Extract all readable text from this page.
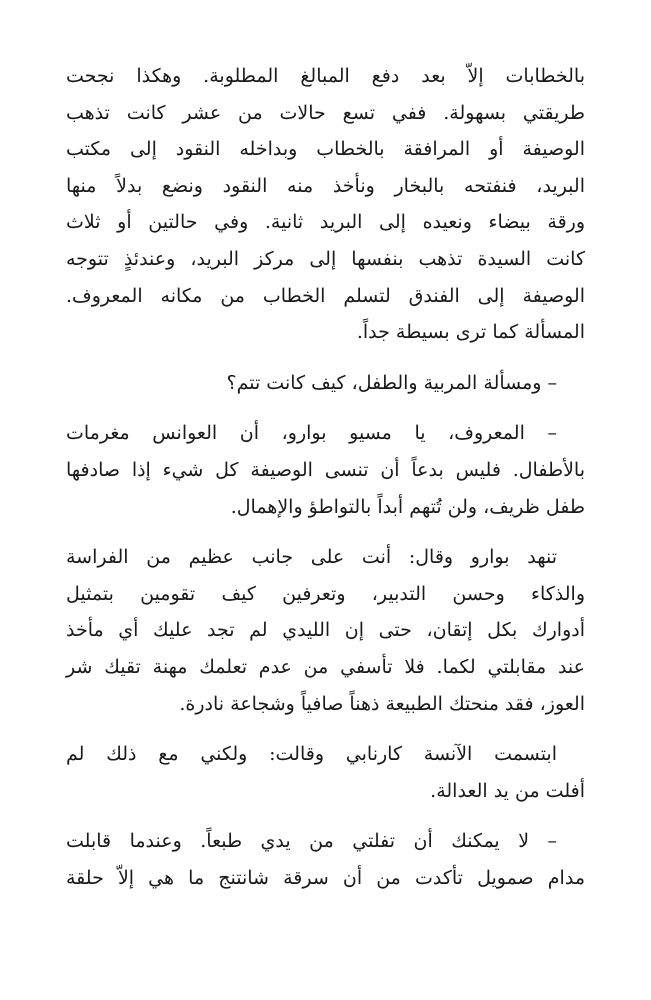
بالخطابات إلاّ بعد دفع المبالغ المطلوبة. وهكذا نجحت
طريقتي بسهولة. ففي تسع حالات من عشر كانت تذهب
الوصيفة أو المرافقة بالخطاب وبداخله النقود إلى مكتب
البريد، فنفتحه بالبخار ونأخذ منه النقود ونضع بدلاً منها
ورقة بيضاء ونعيده إلى البريد ثانية. وفي حالتين أو ثلاث
كانت السيدة تذهب بنفسها إلى مركز البريد، وعندئذٍ تتوجه
الوصيفة إلى الفندق لتسلم الخطاب من مكانه المعروف.
المسألة كما ترى بسيطة جداً.
– ومسألة المربية والطفل، كيف كانت تتم؟
– المعروف، يا مسيو بوارو، أن العوانس مغرمات
بالأطفال. فليس بدعاً أن تنسى الوصيفة كل شيء إذا صادفها
طفل ظريف، ولن تُتهم أبداً بالتواطؤ والإهمال.
تنهد بوارو وقال: أنت على جانب عظيم من الفراسة
والذكاء وحسن التدبير، وتعرفين كيف تقومين بتمثيل
أدوارك بكل إتقان، حتى إن الليدي لم تجد عليك أي مأخذ
عند مقابلتي لكما. فلا تأسفي من عدم تعلمك مهنة تقيك شر
العوز، فقد منحتك الطبيعة ذهناً صافياً وشجاعة نادرة.
ابتسمت الآنسة كارنابي وقالت: ولكني مع ذلك لم
أفلت من يد العدالة.
– لا يمكنك أن تفلتي من يدي طبعاً. وعندما قابلت
مدام صمويل تأكدت من أن سرقة شانتنج ما هي إلاّ حلقة
